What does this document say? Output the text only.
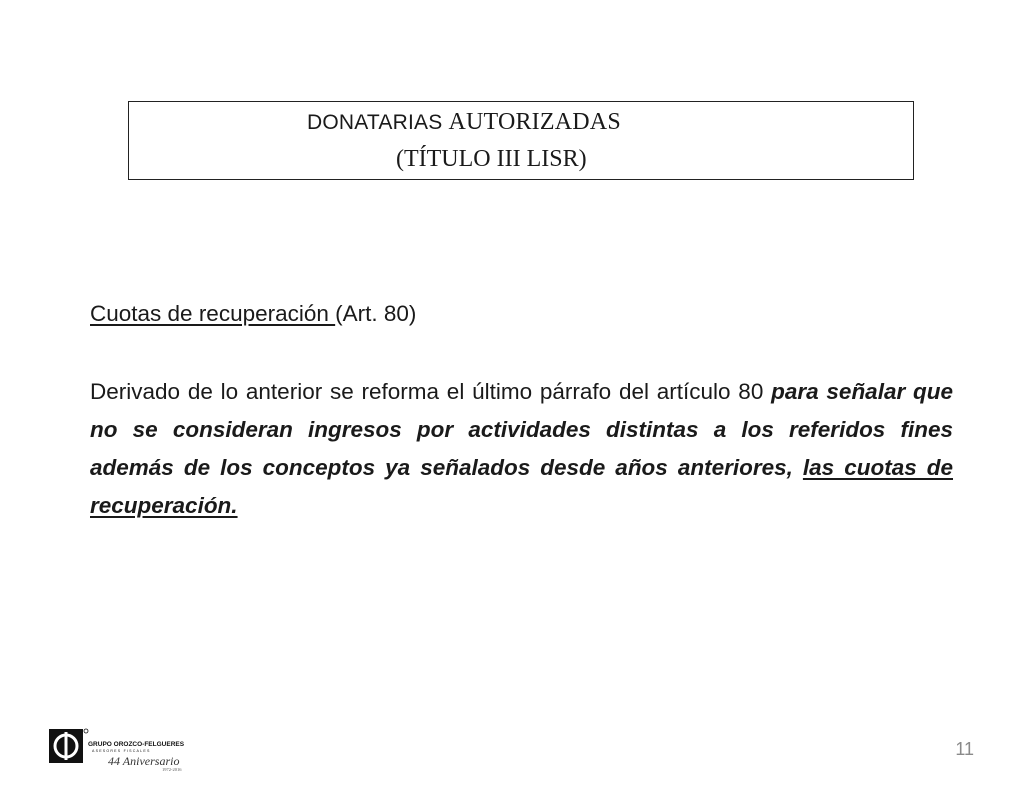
DONATARIAS AUTORIZADAS
(TÍTULO III LISR)

Cuotas de recuperación (Art. 80)

Derivado de lo anterior se reforma el último párrafo del artículo 80 para señalar que no se consideran ingresos por actividades distintas a los referidos fines además de los conceptos ya señalados desde años anteriores, las cuotas de recuperación.

GRUPO OROZCO-FELGUERES
ASESORES FISCALES
44 Aniversario
1972-2016
11
